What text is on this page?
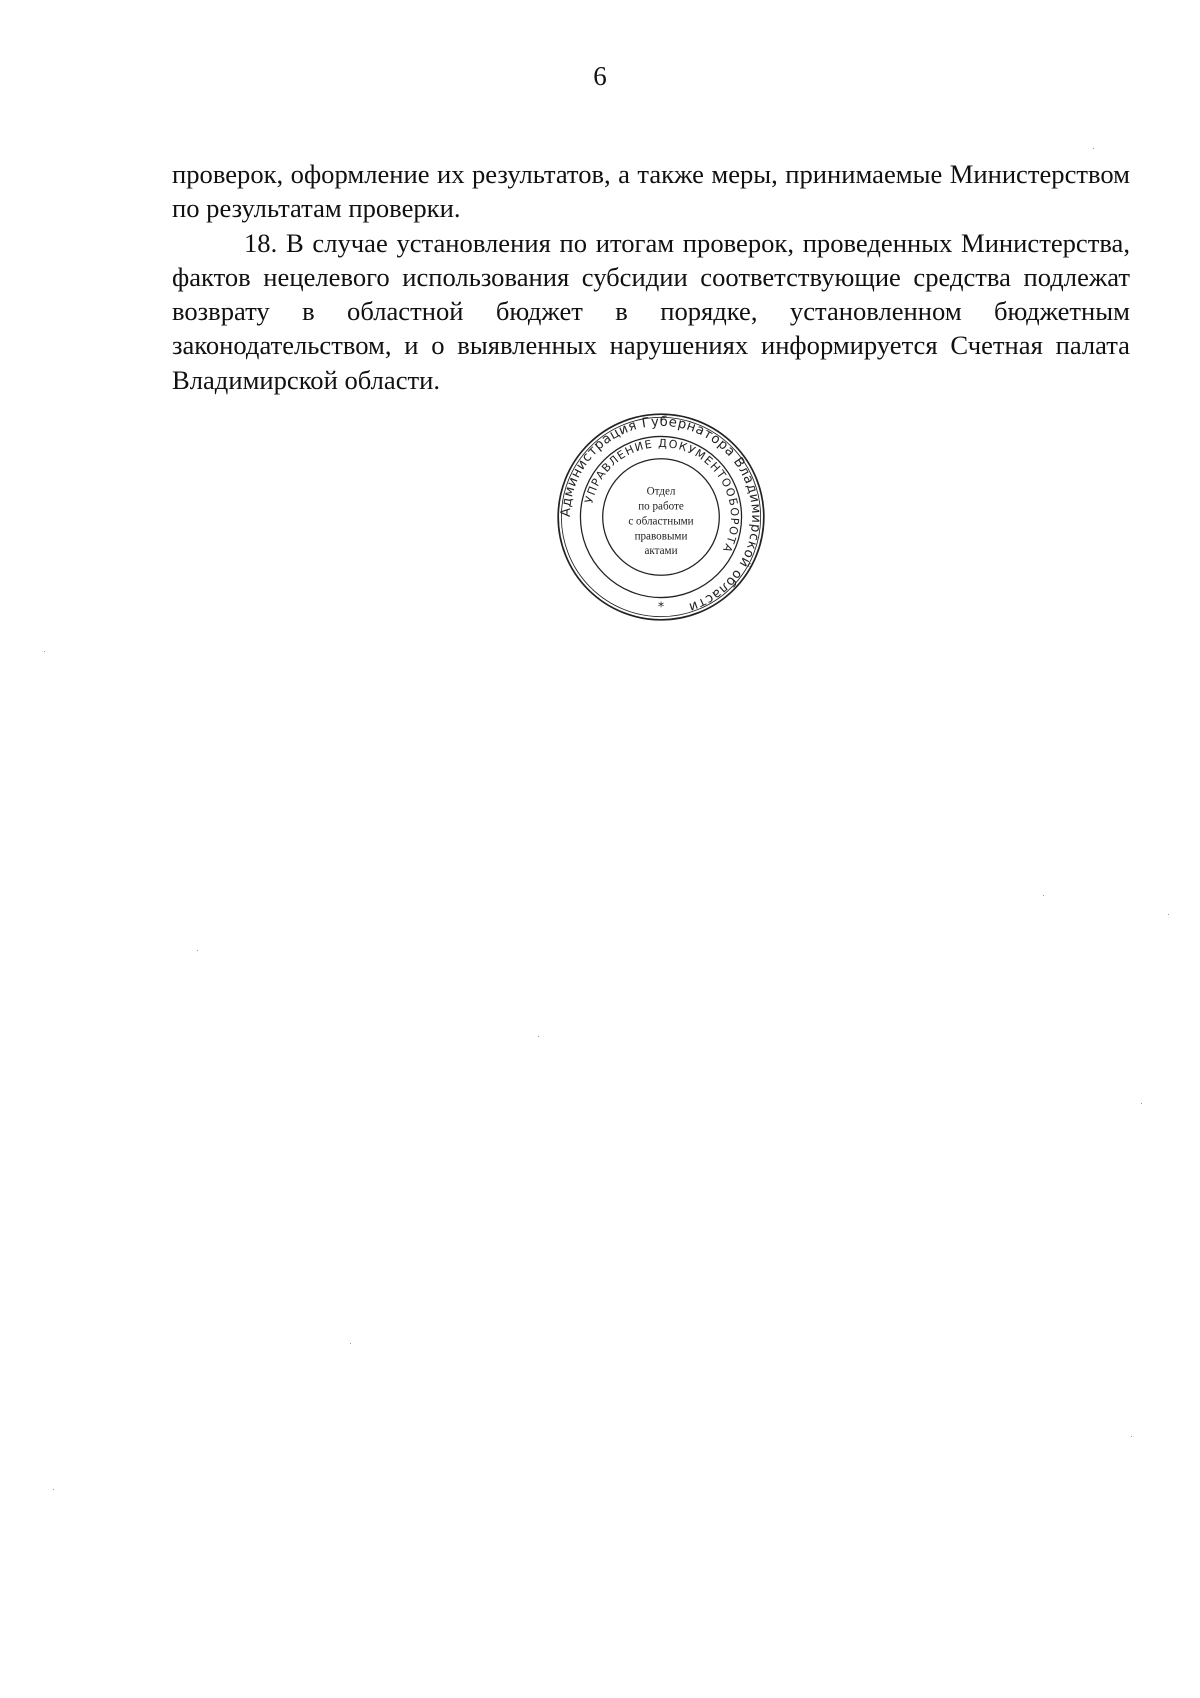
6

проверок, оформление их результатов, а также меры, принимаемые Министерством по результатам проверки.

18. В случае установления по итогам проверок, проведенных Министерства, фактов нецелевого использования субсидии соответствующие средства подлежат возврату в областной бюджет в порядке, установленном бюджетным законодательством, и о выявленных нарушениях информируется Счетная палата Владимирской области.

Администрация Губернатора Владимирской области
УПРАВЛЕНИЕ ДОКУМЕНТООБОРОТА
*
Отдел
по работе
с областными
правовыми
актами
